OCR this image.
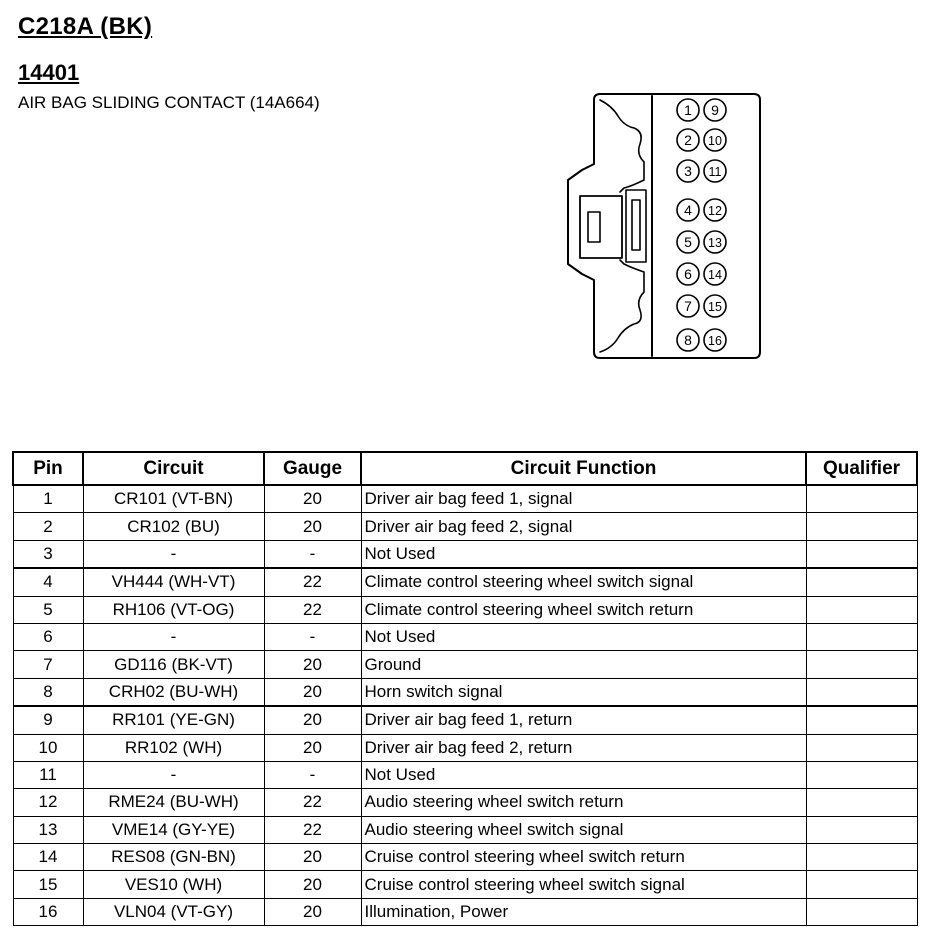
C218A (BK)
14401
AIR BAG SLIDING CONTACT (14A664)	1 9
2 10
3 11
4 12
5 13
6 14
7 15
8 16
Pin	Circuit	Gauge	Circuit Function	Qualifier
1	CR101 (VT-BN)	20	Driver air bag feed 1, signal	
2	CR102 (BU)	20	Driver air bag feed 2, signal	
3	-	-	Not Used	
4	VH444 (WH-VT)	22	Climate control steering wheel switch signal	
5	RH106 (VT-OG)	22	Climate control steering wheel switch return	
6	-	-	Not Used	
7	GD116 (BK-VT)	20	Ground	
8	CRH02 (BU-WH)	20	Horn switch signal	
9	RR101 (YE-GN)	20	Driver air bag feed 1, return	
10	RR102 (WH)	20	Driver air bag feed 2, return	
11	-	-	Not Used	
12	RME24 (BU-WH)	22	Audio steering wheel switch return	
13	VME14 (GY-YE)	22	Audio steering wheel switch signal	
14	RES08 (GN-BN)	20	Cruise control steering wheel switch return	
15	VES10 (WH)	20	Cruise control steering wheel switch signal	
16	VLN04 (VT-GY)	20	Illumination, Power	
